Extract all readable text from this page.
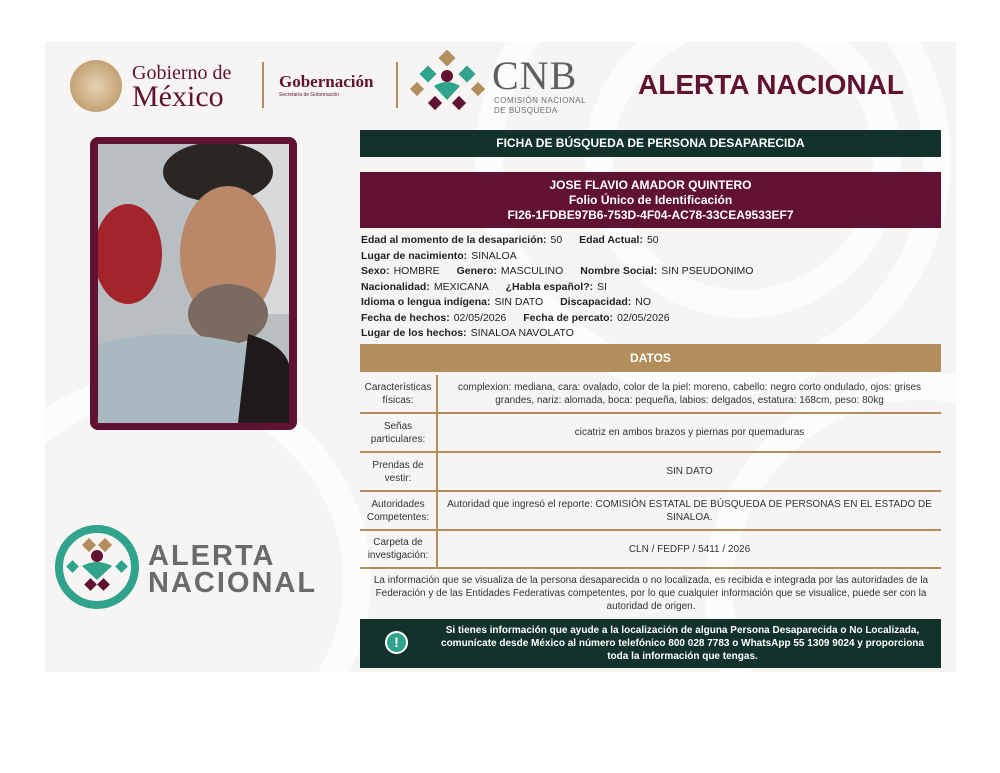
Gobierno de
México	Gobernación
Secretaría de Gobernación	CNB
COMISIÓN NACIONAL
DE BÚSQUEDA
ALERTA NACIONAL
FICHA DE BÚSQUEDA DE PERSONA DESAPARECIDA
JOSE FLAVIO AMADOR QUINTERO
Folio Único de Identificación
FI26-1FDBE97B6-753D-4F04-AC78-33CEA9533EF7
Edad al momento de la desaparición: 50 Edad Actual: 50
Lugar de nacimiento: SINALOA
Sexo: HOMBRE Genero: MASCULINO Nombre Social: SIN PSEUDONIMO
Nacionalidad: MEXICANA ¿Habla español?: SI
Idioma o lengua indígena: SIN DATO Discapacidad: NO
Fecha de hechos: 02/05/2026 Fecha de percato: 02/05/2026
Lugar de los hechos: SINALOA NAVOLATO
DATOS
Características físicas:	complexion: mediana, cara: ovalado, color de la piel: moreno, cabello: negro corto ondulado, ojos: grises grandes, nariz: alomada, boca: pequeña, labios: delgados, estatura: 168cm, peso: 80kg
Señas particulares:	cicatriz en ambos brazos y piernas por quemaduras
Prendas de vestir:	SIN DATO
Autoridades Competentes:	Autoridad que ingresó el reporte: COMISIÓN ESTATAL DE BÚSQUEDA DE PERSONAS EN EL ESTADO DE SINALOA.
Carpeta de investigación:	CLN / FEDFP / 5411 / 2026
La información que se visualiza de la persona desaparecida o no localizada, es recibida e integrada por las autoridades de la Federación y de las Entidades Federativas competentes, por lo que cualquier información que se visualice, puede ser con la autoridad de origen.
!
Si tienes información que ayude a la localización de alguna Persona Desaparecida o No Localizada, comunícate desde México al número telefónico 800 028 7783 o WhatsApp 55 1309 9024 y proporciona toda la información que tengas.
ALERTA
NACIONAL
